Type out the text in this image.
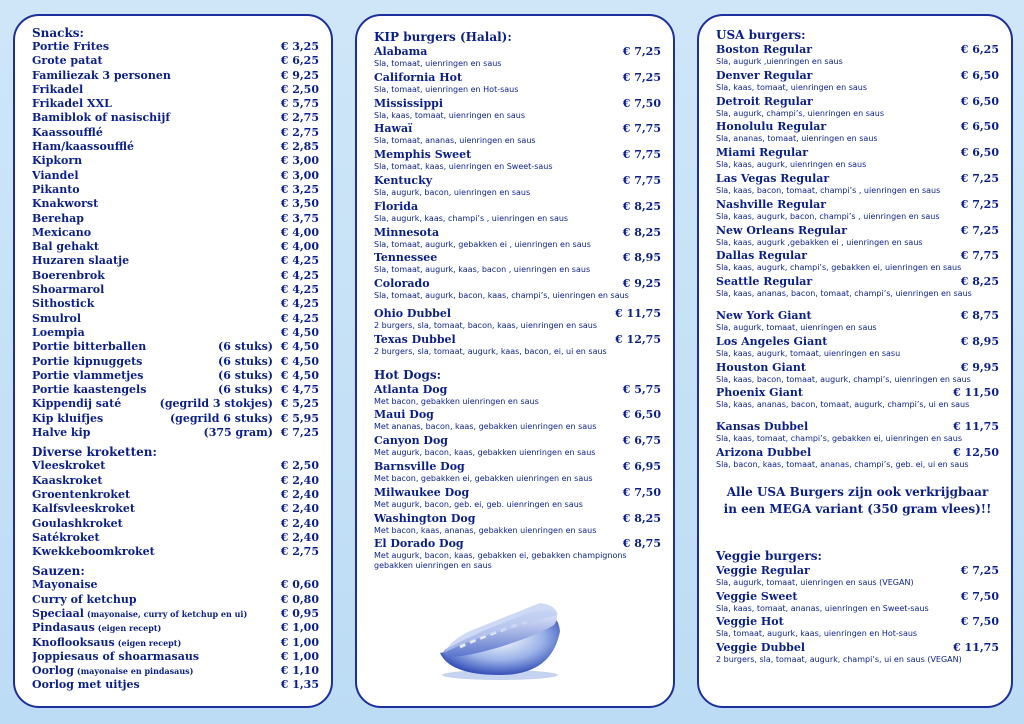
Snacks:
Portie Frites	€ 3,25
Grote patat	€ 6,25
Familiezak 3 personen	€ 9,25
Frikadel	€ 2,50
Frikadel XXL	€ 5,75
Bamiblok of nasischijf	€ 2,75
Kaassoufflé	€ 2,75
Ham/kaassoufflé	€ 2,85
Kipkorn	€ 3,00
Viandel	€ 3,00
Pikanto	€ 3,25
Knakworst	€ 3,50
Berehap	€ 3,75
Mexicano	€ 4,00
Bal gehakt	€ 4,00
Huzaren slaatje	€ 4,25
Boerenbrok	€ 4,25
Shoarmarol	€ 4,25
Sithostick	€ 4,25
Smulrol	€ 4,25
Loempia	€ 4,50
Portie bitterballen	(6 stuks) € 4,50
Portie kipnuggets	(6 stuks) € 4,50
Portie vlammetjes	(6 stuks) € 4,50
Portie kaastengels	(6 stuks) € 4,75
Kippendij saté	(gegrild 3 stokjes) € 5,25
Kip kluifjes	(gegrild 6 stuks) € 5,95
Halve kip	(375 gram) € 7,25
Diverse kroketten:
Vleeskroket	€ 2,50
Kaaskroket	€ 2,40
Groentenkroket	€ 2,40
Kalfsvleeskroket	€ 2,40
Goulashkroket	€ 2,40
Satékroket	€ 2,40
Kwekkeboomkroket	€ 2,75
Sauzen:
Mayonaise	€ 0,60
Curry of ketchup	€ 0,80
Speciaal (mayonaise, curry of ketchup en ui)	€ 0,95
Pindasaus (eigen recept)	€ 1,00
Knoflooksaus (eigen recept)	€ 1,00
Joppiesaus of shoarmasaus	€ 1,00
Oorlog (mayonaise en pindasaus)	€ 1,10
Oorlog met uitjes	€ 1,35
KIP burgers (Halal):
Alabama	€ 7,25
Sla, tomaat, uienringen en saus
California Hot	€ 7,25
Sla, tomaat, uienringen en Hot-saus
Mississippi	€ 7,50
Sla, kaas, tomaat, uienringen en saus
Hawaï	€ 7,75
Sla, tomaat, ananas, uienringen en saus
Memphis Sweet	€ 7,75
Sla, tomaat, kaas, uienringen en Sweet-saus
Kentucky	€ 7,75
Sla, augurk, bacon, uienringen en saus
Florida	€ 8,25
Sla, augurk, kaas, champi’s , uienringen en saus
Minnesota	€ 8,25
Sla, tomaat, augurk, gebakken ei , uienringen en saus
Tennessee	€ 8,95
Sla, tomaat, augurk, kaas, bacon , uienringen en saus
Colorado	€ 9,25
Sla, tomaat, augurk, bacon, kaas, champi’s, uienringen en saus
Ohio Dubbel	€ 11,75
2 burgers, sla, tomaat, bacon, kaas, uienringen en saus
Texas Dubbel	€ 12,75
2 burgers, sla, tomaat, augurk, kaas, bacon, ei, ui en saus
Hot Dogs:
Atlanta Dog	€ 5,75
Met bacon, gebakken uienringen en saus
Maui Dog	€ 6,50
Met ananas, bacon, kaas, gebakken uienringen en saus
Canyon Dog	€ 6,75
Met augurk, bacon, kaas, gebakken uienringen en saus
Barnsville Dog	€ 6,95
Met bacon, gebakken ei, gebakken uienringen en saus
Milwaukee Dog	€ 7,50
Met augurk, bacon, geb. ei, geb. uienringen en saus
Washington Dog	€ 8,25
Met bacon, kaas, ananas, gebakken uienringen en saus
El Dorado Dog	€ 8,75
Met augurk, bacon, kaas, gebakken ei, gebakken champignons
gebakken uienringen en saus
USA burgers:
Boston Regular	€ 6,25
Sla, augurk ,uienringen en saus
Denver Regular	€ 6,50
Sla, kaas, tomaat, uienringen en saus
Detroit Regular	€ 6,50
Sla, augurk, champi’s, uienringen en saus
Honolulu Regular	€ 6,50
Sla, ananas, tomaat, uienringen en saus
Miami Regular	€ 6,50
Sla, kaas, augurk, uienringen en saus
Las Vegas Regular	€ 7,25
Sla, kaas, bacon, tomaat, champi’s , uienringen en saus
Nashville Regular	€ 7,25
Sla, kaas, augurk, bacon, champi’s , uienringen en saus
New Orleans Regular	€ 7,25
Sla, kaas, augurk ,gebakken ei , uienringen en saus
Dallas Regular	€ 7,75
Sla, kaas, augurk, champi’s, gebakken ei, uienringen en saus
Seattle Regular	€ 8,25
Sla, kaas, ananas, bacon, tomaat, champi’s, uienringen en saus
New York Giant	€ 8,75
Sla, augurk, tomaat, uienringen en saus
Los Angeles Giant	€ 8,95
Sla, kaas, augurk, tomaat, uienringen en sasu
Houston Giant	€ 9,95
Sla, kaas, bacon, tomaat, augurk, champi’s, uienringen en saus
Phoenix Giant	€ 11,50
Sla, kaas, ananas, bacon, tomaat, augurk, champi’s, ui en saus
Kansas Dubbel	€ 11,75
Sla, kaas, tomaat, champi’s, gebakken ei, uienringen en saus
Arizona Dubbel	€ 12,50
Sla, bacon, kaas, tomaat, ananas, champi’s, geb. ei, ui en saus
Alle USA Burgers zijn ook verkrijgbaar
in een MEGA variant (350 gram vlees)!!
Veggie burgers:
Veggie Regular	€ 7,25
Sla, augurk, tomaat, uienringen en saus (VEGAN)
Veggie Sweet	€ 7,50
Sla, kaas, tomaat, ananas, uienringen en Sweet-saus
Veggie Hot	€ 7,50
Sla, tomaat, augurk, kaas, uienringen en Hot-saus
Veggie Dubbel	€ 11,75
2 burgers, sla, tomaat, augurk, champi’s, ui en saus (VEGAN)
